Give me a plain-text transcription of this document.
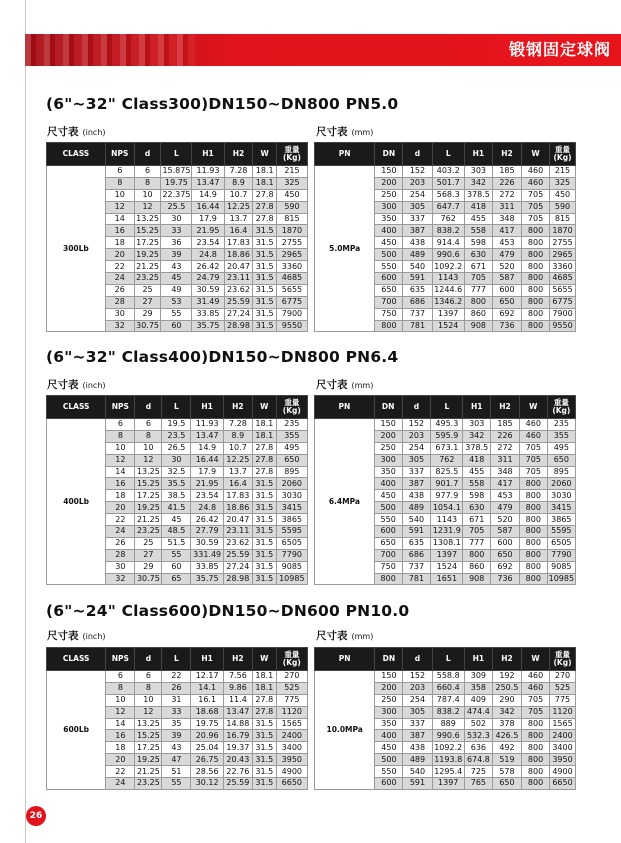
锻钢固定球阀
(6"~32" Class300)DN150~DN800 PN5.0
尺寸表 (inch)	尺寸表 (mm)
CLASS	NPS	d	L	H1	H2	W	重量
(Kg)
300Lb	6	6	15.875	11.93	7.28	18.1	215
	8	8	19.75	13.47	8.9	18.1	325
	10	10	22.375	14.9	10.7	27.8	450
	12	12	25.5	16.44	12.25	27.8	590
	14	13.25	30	17.9	13.7	27.8	815
	16	15.25	33	21.95	16.4	31.5	1870
	18	17.25	36	23.54	17.83	31.5	2755
	20	19.25	39	24.8	18.86	31.5	2965
	22	21.25	43	26.42	20.47	31.5	3360
	24	23.25	45	24.79	23.11	31.5	4685
	26	25	49	30.59	23.62	31.5	5655
	28	27	53	31.49	25.59	31.5	6775
	30	29	55	33.85	27.24	31.5	7900
	32	30.75	60	35.75	28.98	31.5	9550
PN	DN	d	L	H1	H2	W	重量
(Kg)
5.0MPa	150	152	403.2	303	185	460	215
	200	203	501.7	342	226	460	325
	250	254	568.3	378.5	272	705	450
	300	305	647.7	418	311	705	590
	350	337	762	455	348	705	815
	400	387	838.2	558	417	800	1870
	450	438	914.4	598	453	800	2755
	500	489	990.6	630	479	800	2965
	550	540	1092.2	671	520	800	3360
	600	591	1143	705	587	800	4685
	650	635	1244.6	777	600	800	5655
	700	686	1346.2	800	650	800	6775
	750	737	1397	860	692	800	7900
	800	781	1524	908	736	800	9550
(6"~32" Class400)DN150~DN800 PN6.4
尺寸表 (inch)	尺寸表 (mm)
CLASS	NPS	d	L	H1	H2	W	重量
(Kg)
400Lb	6	6	19.5	11.93	7.28	18.1	235
	8	8	23.5	13.47	8.9	18.1	355
	10	10	26.5	14.9	10.7	27.8	495
	12	12	30	16.44	12.25	27.8	650
	14	13.25	32.5	17.9	13.7	27.8	895
	16	15.25	35.5	21.95	16.4	31.5	2060
	18	17.25	38.5	23.54	17.83	31.5	3030
	20	19.25	41.5	24.8	18.86	31.5	3415
	22	21.25	45	26.42	20.47	31.5	3865
	24	23.25	48.5	27.79	23.11	31.5	5595
	26	25	51.5	30.59	23.62	31.5	6505
	28	27	55	331.49	25.59	31.5	7790
	30	29	60	33.85	27.24	31.5	9085
	32	30.75	65	35.75	28.98	31.5	10985
PN	DN	d	L	H1	H2	W	重量
(Kg)
6.4MPa	150	152	495.3	303	185	460	235
	200	203	595.9	342	226	460	355
	250	254	673.1	378.5	272	705	495
	300	305	762	418	311	705	650
	350	337	825.5	455	348	705	895
	400	387	901.7	558	417	800	2060
	450	438	977.9	598	453	800	3030
	500	489	1054.1	630	479	800	3415
	550	540	1143	671	520	800	3865
	600	591	1231.9	705	587	800	5595
	650	635	1308.1	777	600	800	6505
	700	686	1397	800	650	800	7790
	750	737	1524	860	692	800	9085
	800	781	1651	908	736	800	10985
(6"~24" Class600)DN150~DN600 PN10.0
尺寸表 (inch)	尺寸表 (mm)
CLASS	NPS	d	L	H1	H2	W	重量
(Kg)
600Lb	6	6	22	12.17	7.56	18.1	270
	8	8	26	14.1	9.86	18.1	525
	10	10	31	16.1	11.4	27.8	775
	12	12	33	18.68	13.47	27.8	1120
	14	13.25	35	19.75	14.88	31.5	1565
	16	15.25	39	20.96	16.79	31.5	2400
	18	17.25	43	25.04	19.37	31.5	3400
	20	19.25	47	26.75	20.43	31.5	3950
	22	21.25	51	28.56	22.76	31.5	4900
	24	23.25	55	30.12	25.59	31.5	6650
PN	DN	d	L	H1	H2	W	重量
(Kg)
10.0MPa	150	152	558.8	309	192	460	270
	200	203	660.4	358	250.5	460	525
	250	254	787.4	409	290	705	775
	300	305	838.2	474.4	342	705	1120
	350	337	889	502	378	800	1565
	400	387	990.6	532.3	426.5	800	2400
	450	438	1092.2	636	492	800	3400
	500	489	1193.8	674.8	519	800	3950
	550	540	1295.4	725	578	800	4900
	600	591	1397	765	650	800	6650
26
